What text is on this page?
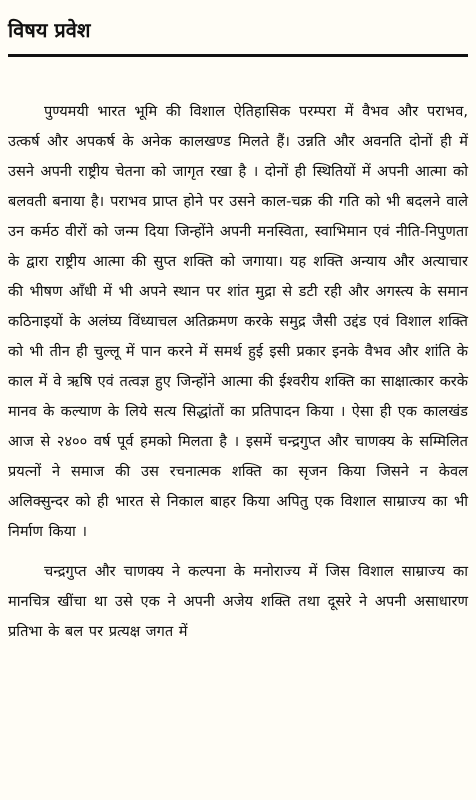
विषय प्रवेश

पुण्यमयी भारत भूमि की विशाल ऐतिहासिक परम्परा में वैभव और पराभव, उत्कर्ष और अपकर्ष के अनेक कालखण्ड मिलते हैं। उन्नति और अवनति दोनों ही में उसने अपनी राष्ट्रीय चेतना को जागृत रखा है । दोनों ही स्थितियों में अपनी आत्मा को बलवती बनाया है। पराभव प्राप्त होने पर उसने काल-चक्र की गति को भी बदलने वाले उन कर्मठ वीरों को जन्म दिया जिन्होंने अपनी मनस्विता, स्वाभिमान एवं नीति-निपुणता के द्वारा राष्ट्रीय आत्मा की सुप्त शक्ति को जगाया। यह शक्ति अन्याय और अत्याचार की भीषण आँधी में भी अपने स्थान पर शांत मुद्रा से डटी रही और अगस्त्य के समान कठिनाइयों के अलंघ्य विंध्याचल अतिक्रमण करके समुद्र जैसी उद्दंड एवं विशाल शक्ति को भी तीन ही चुल्लू में पान करने में समर्थ हुई इसी प्रकार इनके वैभव और शांति के काल में वे ऋषि एवं तत्वज्ञ हुए जिन्होंने आत्मा की ईश्वरीय शक्ति का साक्षात्कार करके मानव के कल्याण के लिये सत्य सिद्धांतों का प्रतिपादन किया । ऐसा ही एक कालखंड आज से २४०० वर्ष पूर्व हमको मिलता है । इसमें चन्द्रगुप्त और चाणक्य के सम्मिलित प्रयत्नों ने समाज की उस रचनात्मक शक्ति का सृजन किया जिसने न केवल अलिक्सुन्दर को ही भारत से निकाल बाहर किया अपितु एक विशाल साम्राज्य का भी निर्माण किया ।

चन्द्रगुप्त और चाणक्य ने कल्पना के मनोराज्य में जिस विशाल साम्राज्य का मानचित्र खींचा था उसे एक ने अपनी अजेय शक्ति तथा दूसरे ने अपनी असाधारण प्रतिभा के बल पर प्रत्यक्ष जगत में
